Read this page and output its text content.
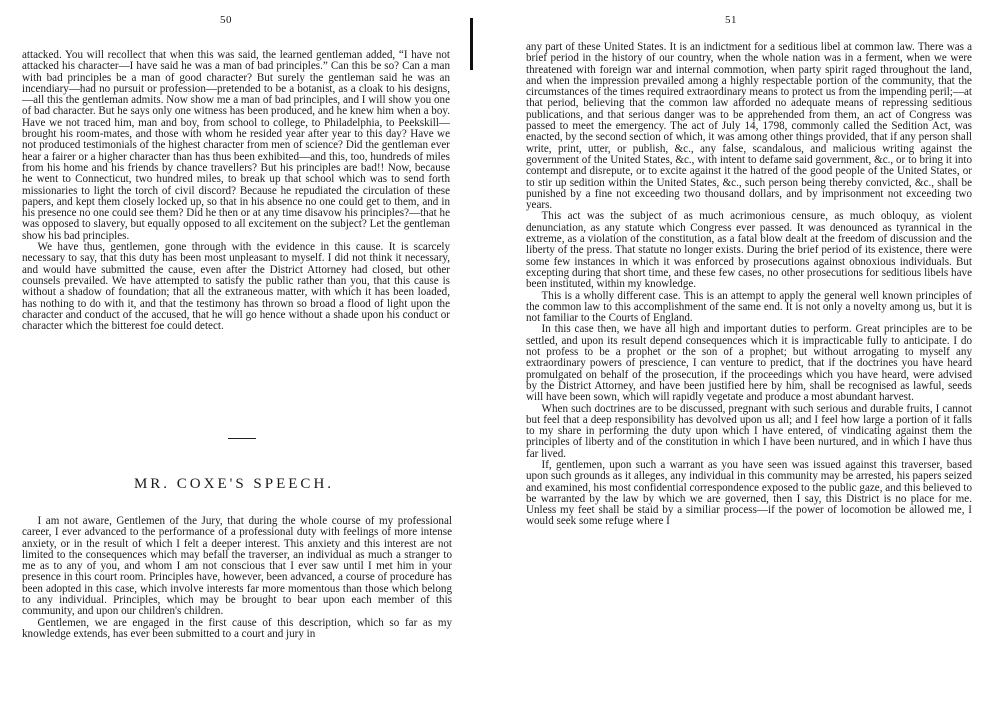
50

attacked. You will recollect that when this was said, the learned gentleman added, “I have not attacked his character—I have said he was a man of bad principles.” Can this be so? Can a man with bad principles be a man of good character? But surely the gentleman said he was an incendiary—had no pursuit or profession—pretended to be a botanist, as a cloak to his designs,—all this the gentleman admits. Now show me a man of bad principles, and I will show you one of bad character. But he says only one witness has been produced, and he knew him when a boy. Have we not traced him, man and boy, from school to college, to Philadelphia, to Peekskill—brought his room-mates, and those with whom he resided year after year to this day? Have we not produced testimonials of the highest character from men of science? Did the gentleman ever hear a fairer or a higher character than has thus been exhibited—and this, too, hundreds of miles from his home and his friends by chance travellers? But his principles are bad!! Now, because he went to Connecticut, two hundred miles, to break up that school which was to send forth missionaries to light the torch of civil discord? Because he repudiated the circulation of these papers, and kept them closely locked up, so that in his absence no one could get to them, and in his presence no one could see them? Did he then or at any time disavow his principles?—that he was opposed to slavery, but equally opposed to all excitement on the subject? Let the gentleman show his bad principles.

We have thus, gentlemen, gone through with the evidence in this cause. It is scarcely necessary to say, that this duty has been most unpleasant to myself. I did not think it necessary, and would have submitted the cause, even after the District Attorney had closed, but other counsels prevailed. We have attempted to satisfy the public rather than you, that this cause is without a shadow of foundation; that all the extraneous matter, with which it has been loaded, has nothing to do with it, and that the testimony has thrown so broad a flood of light upon the character and conduct of the accused, that he will go hence without a shade upon his conduct or character which the bitterest foe could detect.

MR. COXE'S SPEECH.

I am not aware, Gentlemen of the Jury, that during the whole course of my professional career, I ever advanced to the performance of a professional duty with feelings of more intense anxiety, or in the result of which I felt a deeper interest. This anxiety and this interest are not limited to the consequences which may befall the traverser, an individual as much a stranger to me as to any of you, and whom I am not conscious that I ever saw until I met him in your presence in this court room. Principles have, however, been advanced, a course of procedure has been adopted in this case, which involve interests far more momentous than those which belong to any individual. Principles, which may be brought to bear upon each member of this community, and upon our children's children.

Gentlemen, we are engaged in the first cause of this description, which so far as my knowledge extends, has ever been submitted to a court and jury in

51

any part of these United States. It is an indictment for a seditious libel at common law. There was a brief period in the history of our country, when the whole nation was in a ferment, when we were threatened with foreign war and internal commotion, when party spirit raged throughout the land, and when the impression prevailed among a highly respectable portion of the community, that the circumstances of the times required extraordinary means to protect us from the impending peril;—at that period, believing that the common law afforded no adequate means of repressing seditious publications, and that serious danger was to be apprehended from them, an act of Congress was passed to meet the emergency. The act of July 14, 1798, commonly called the Sedition Act, was enacted, by the second section of which, it was among other things provided, that if any person shall write, print, utter, or publish, &c., any false, scandalous, and malicious writing against the government of the United States, &c., with intent to defame said government, &c., or to bring it into contempt and disrepute, or to excite against it the hatred of the good people of the United States, or to stir up sedition within the United States, &c., such person being thereby convicted, &c., shall be punished by a fine not exceeding two thousand dollars, and by imprisonment not exceeding two years.

This act was the subject of as much acrimonious censure, as much obloquy, as violent denunciation, as any statute which Congress ever passed. It was denounced as tyrannical in the extreme, as a violation of the constitution, as a fatal blow dealt at the freedom of discussion and the liberty of the press. That statute no longer exists. During the brief period of its existence, there were some few instances in which it was enforced by prosecutions against obnoxious individuals. But excepting during that short time, and these few cases, no other prosecutions for seditious libels have been instituted, within my knowledge.

This is a wholly different case. This is an attempt to apply the general well known principles of the common law to this accomplishment of the same end. It is not only a novelty among us, but it is not familiar to the Courts of England.

In this case then, we have all high and important duties to perform. Great principles are to be settled, and upon its result depend consequences which it is impracticable fully to anticipate. I do not profess to be a prophet or the son of a prophet; but without arrogating to myself any extraordinary powers of prescience, I can venture to predict, that if the doctrines you have heard promulgated on behalf of the prosecution, if the proceedings which you have heard, were advised by the District Attorney, and have been justified here by him, shall be recognised as lawful, seeds will have been sown, which will rapidly vegetate and produce a most abundant harvest.

When such doctrines are to be discussed, pregnant with such serious and durable fruits, I cannot but feel that a deep responsibility has devolved upon us all; and I feel how large a portion of it falls to my share in performing the duty upon which I have entered, of vindicating against them the principles of liberty and of the constitution in which I have been nurtured, and in which I have thus far lived.

If, gentlemen, upon such a warrant as you have seen was issued against this traverser, based upon such grounds as it alleges, any individual in this community may be arrested, his papers seized and examined, his most confidential correspondence exposed to the public gaze, and this believed to be warranted by the law by which we are governed, then I say, this District is no place for me. Unless my feet shall be staid by a similiar process—if the power of locomotion be allowed me, I would seek some refuge where I
